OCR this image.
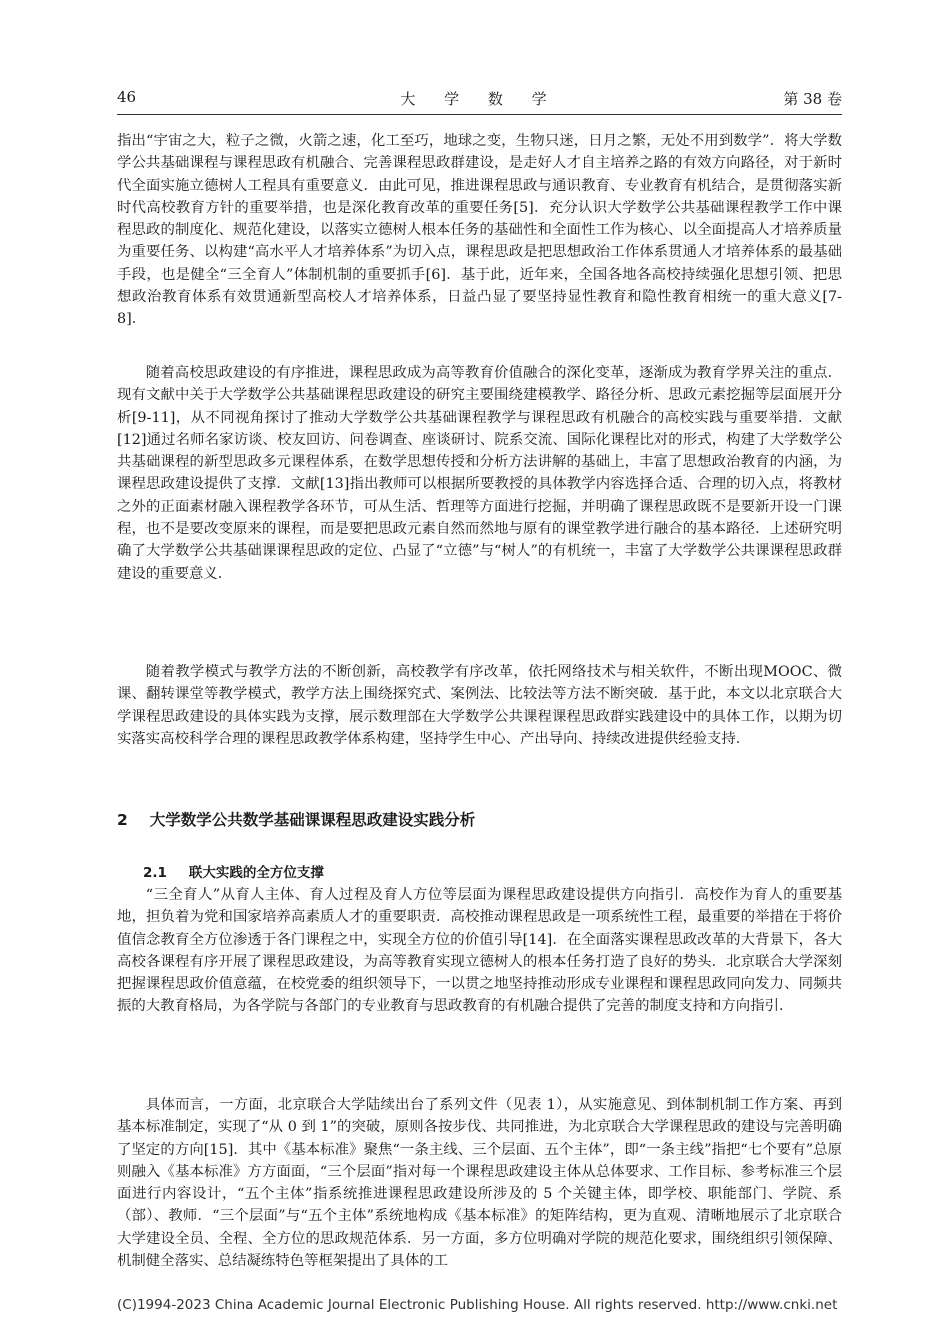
46	大 学 数 学	第 38 卷

指出“宇宙之大，粒子之微，火箭之速，化工至巧，地球之变，生物只迷，日月之繁，无处不用到数学”．将大学数学公共基础课程与课程思政有机融合、完善课程思政群建设，是走好人才自主培养之路的有效方向路径，对于新时代全面实施立德树人工程具有重要意义．由此可见，推进课程思政与通识教育、专业教育有机结合，是贯彻落实新时代高校教育方针的重要举措，也是深化教育改革的重要任务[5]．充分认识大学数学公共基础课程教学工作中课程思政的制度化、规范化建设，以落实立德树人根本任务的基础性和全面性工作为核心、以全面提高人才培养质量为重要任务、以构建“高水平人才培养体系”为切入点，课程思政是把思想政治工作体系贯通人才培养体系的最基础手段，也是健全“三全育人”体制机制的重要抓手[6]．基于此，近年来，全国各地各高校持续强化思想引领、把思想政治教育体系有效贯通新型高校人才培养体系，日益凸显了要坚持显性教育和隐性教育相统一的重大意义[7-8]．

随着高校思政建设的有序推进，课程思政成为高等教育价值融合的深化变革，逐渐成为教育学界关注的重点．现有文献中关于大学数学公共基础课程思政建设的研究主要围绕建模教学、路径分析、思政元素挖掘等层面展开分析[9-11]，从不同视角探讨了推动大学数学公共基础课程教学与课程思政有机融合的高校实践与重要举措．文献[12]通过名师名家访谈、校友回访、问卷调查、座谈研讨、院系交流、国际化课程比对的形式，构建了大学数学公共基础课程的新型思政多元课程体系，在数学思想传授和分析方法讲解的基础上，丰富了思想政治教育的内涵，为课程思政建设提供了支撑．文献[13]指出教师可以根据所要教授的具体教学内容选择合适、合理的切入点，将教材之外的正面素材融入课程教学各环节，可从生活、哲理等方面进行挖掘，并明确了课程思政既不是要新开设一门课程，也不是要改变原来的课程，而是要把思政元素自然而然地与原有的课堂教学进行融合的基本路径．上述研究明确了大学数学公共基础课课程思政的定位、凸显了“立德”与“树人”的有机统一，丰富了大学数学公共课课程思政群建设的重要意义．

随着教学模式与教学方法的不断创新，高校教学有序改革，依托网络技术与相关软件，不断出现MOOC、微课、翻转课堂等教学模式，教学方法上围绕探究式、案例法、比较法等方法不断突破．基于此，本文以北京联合大学课程思政建设的具体实践为支撑，展示数理部在大学数学公共课程课程思政群实践建设中的具体工作，以期为切实落实高校科学合理的课程思政教学体系构建，坚持学生中心、产出导向、持续改进提供经验支持．

2 大学数学公共数学基础课课程思政建设实践分析
2.1 联大实践的全方位支撑

“三全育人”从育人主体、育人过程及育人方位等层面为课程思政建设提供方向指引．高校作为育人的重要基地，担负着为党和国家培养高素质人才的重要职责．高校推动课程思政是一项系统性工程，最重要的举措在于将价值信念教育全方位渗透于各门课程之中，实现全方位的价值引导[14]．在全面落实课程思政改革的大背景下，各大高校各课程有序开展了课程思政建设，为高等教育实现立德树人的根本任务打造了良好的势头．北京联合大学深刻把握课程思政价值意蕴，在校党委的组织领导下，一以贯之地坚持推动形成专业课程和课程思政同向发力、同频共振的大教育格局，为各学院与各部门的专业教育与思政教育的有机融合提供了完善的制度支持和方向指引．

具体而言，一方面，北京联合大学陆续出台了系列文件（见表 1），从实施意见、到体制机制工作方案、再到基本标准制定，实现了“从 0 到 1”的突破，原则各按步伐、共同推进，为北京联合大学课程思政的建设与完善明确了坚定的方向[15]．其中《基本标准》聚焦“一条主线、三个层面、五个主体”，即“一条主线”指把“七个要有”总原则融入《基本标准》方方面面，“三个层面”指对每一个课程思政建设主体从总体要求、工作目标、参考标准三个层面进行内容设计，“五个主体”指系统推进课程思政建设所涉及的 5 个关键主体，即学校、职能部门、学院、系（部）、教师．“三个层面”与“五个主体”系统地构成《基本标准》的矩阵结构，更为直观、清晰地展示了北京联合大学建设全员、全程、全方位的思政规范体系．另一方面，多方位明确对学院的规范化要求，围绕组织引领保障、机制健全落实、总结凝练特色等框架提出了具体的工

(C)1994-2023 China Academic Journal Electronic Publishing House. All rights reserved. http://www.cnki.net
